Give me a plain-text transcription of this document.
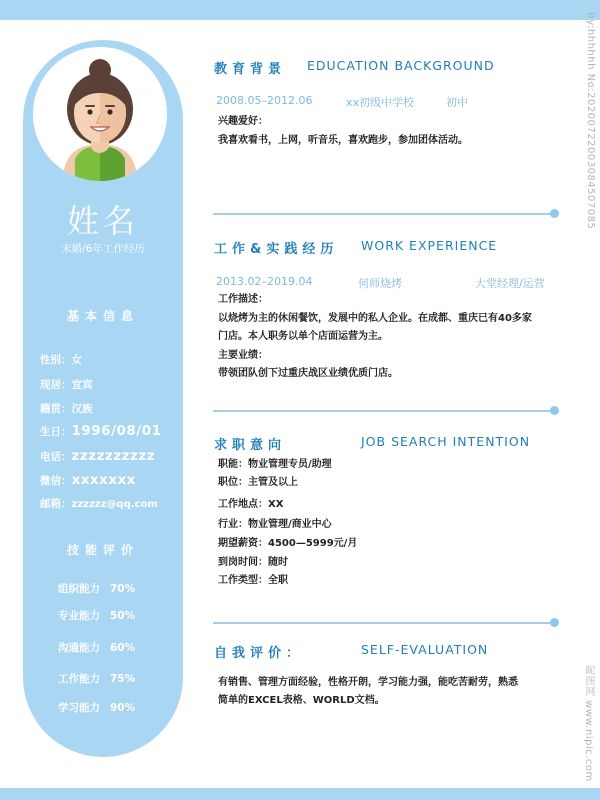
By:hhhhhh No:20200722003084507085
昵图网 www.nipic.com
姓名
未婚/6年工作经历
基本信息
性别：女
现居：宜宾
籍贯：汉族
生日：1996/08/01
电话：zzzzzzzzzz
微信：xxxxxxx
邮箱：zzzzzz@qq.com
技能评价
组织能力 70%
专业能力 50%
沟通能力 60%
工作能力 75%
学习能力 90%
教育背景 EDUCATION BACKGROUND
2008.05–2012.06	xx初级中学校	初中
兴趣爱好：
我喜欢看书，上网，听音乐，喜欢跑步，参加团体活动。
工作&实践经历 WORK EXPERIENCE
2013.02–2019.04	何师烧烤	大堂经理/运营
工作描述：
以烧烤为主的休闲餐饮，发展中的私人企业。在成都、重庆已有40多家
门店。本人职务以单个店面运营为主。
主要业绩：
带领团队创下过重庆战区业绩优质门店。
求职意向	JOB SEARCH INTENTION
职能：物业管理专员/助理
职位：主管及以上
工作地点：XX
行业：物业管理/商业中心
期望薪资：4500—5999元/月
到岗时间：随时
工作类型：全职
自我评价：	SELF-EVALUATION
有销售、管理方面经验，性格开朗，学习能力强，能吃苦耐劳，熟悉
简单的EXCEL表格、WORLD文档。
